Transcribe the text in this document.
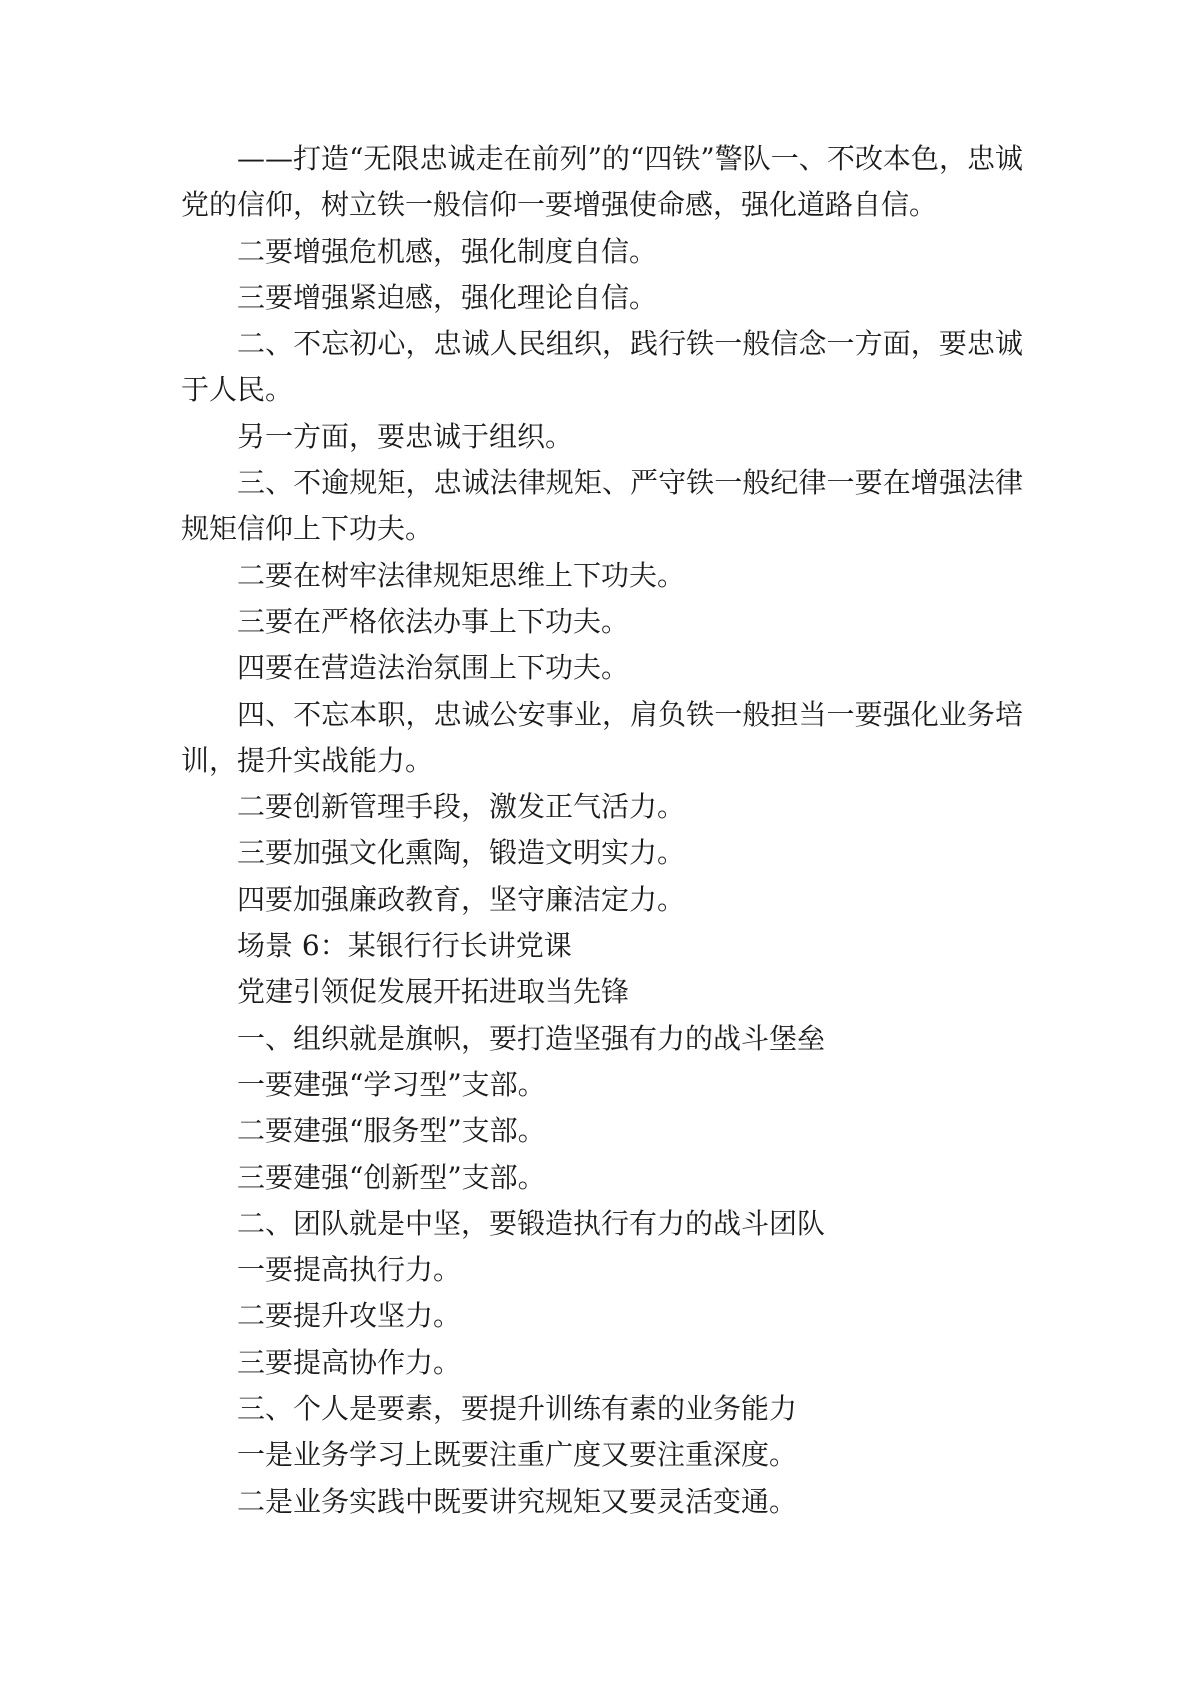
——打造“无限忠诚走在前列”的“四铁”警队一、不改本色，忠诚党的信仰，树立铁一般信仰一要增强使命感，强化道路自信。

二要增强危机感，强化制度自信。

三要增强紧迫感，强化理论自信。

二、不忘初心，忠诚人民组织，践行铁一般信念一方面，要忠诚于人民。

另一方面，要忠诚于组织。

三、不逾规矩，忠诚法律规矩、严守铁一般纪律一要在增强法律规矩信仰上下功夫。

二要在树牢法律规矩思维上下功夫。

三要在严格依法办事上下功夫。

四要在营造法治氛围上下功夫。

四、不忘本职，忠诚公安事业，肩负铁一般担当一要强化业务培训，提升实战能力。

二要创新管理手段，激发正气活力。

三要加强文化熏陶，锻造文明实力。

四要加强廉政教育，坚守廉洁定力。

场景 6：某银行行长讲党课

党建引领促发展开拓进取当先锋

一、组织就是旗帜，要打造坚强有力的战斗堡垒

一要建强“学习型”支部。

二要建强“服务型”支部。

三要建强“创新型”支部。

二、团队就是中坚，要锻造执行有力的战斗团队

一要提高执行力。

二要提升攻坚力。

三要提高协作力。

三、个人是要素，要提升训练有素的业务能力

一是业务学习上既要注重广度又要注重深度。

二是业务实践中既要讲究规矩又要灵活变通。
